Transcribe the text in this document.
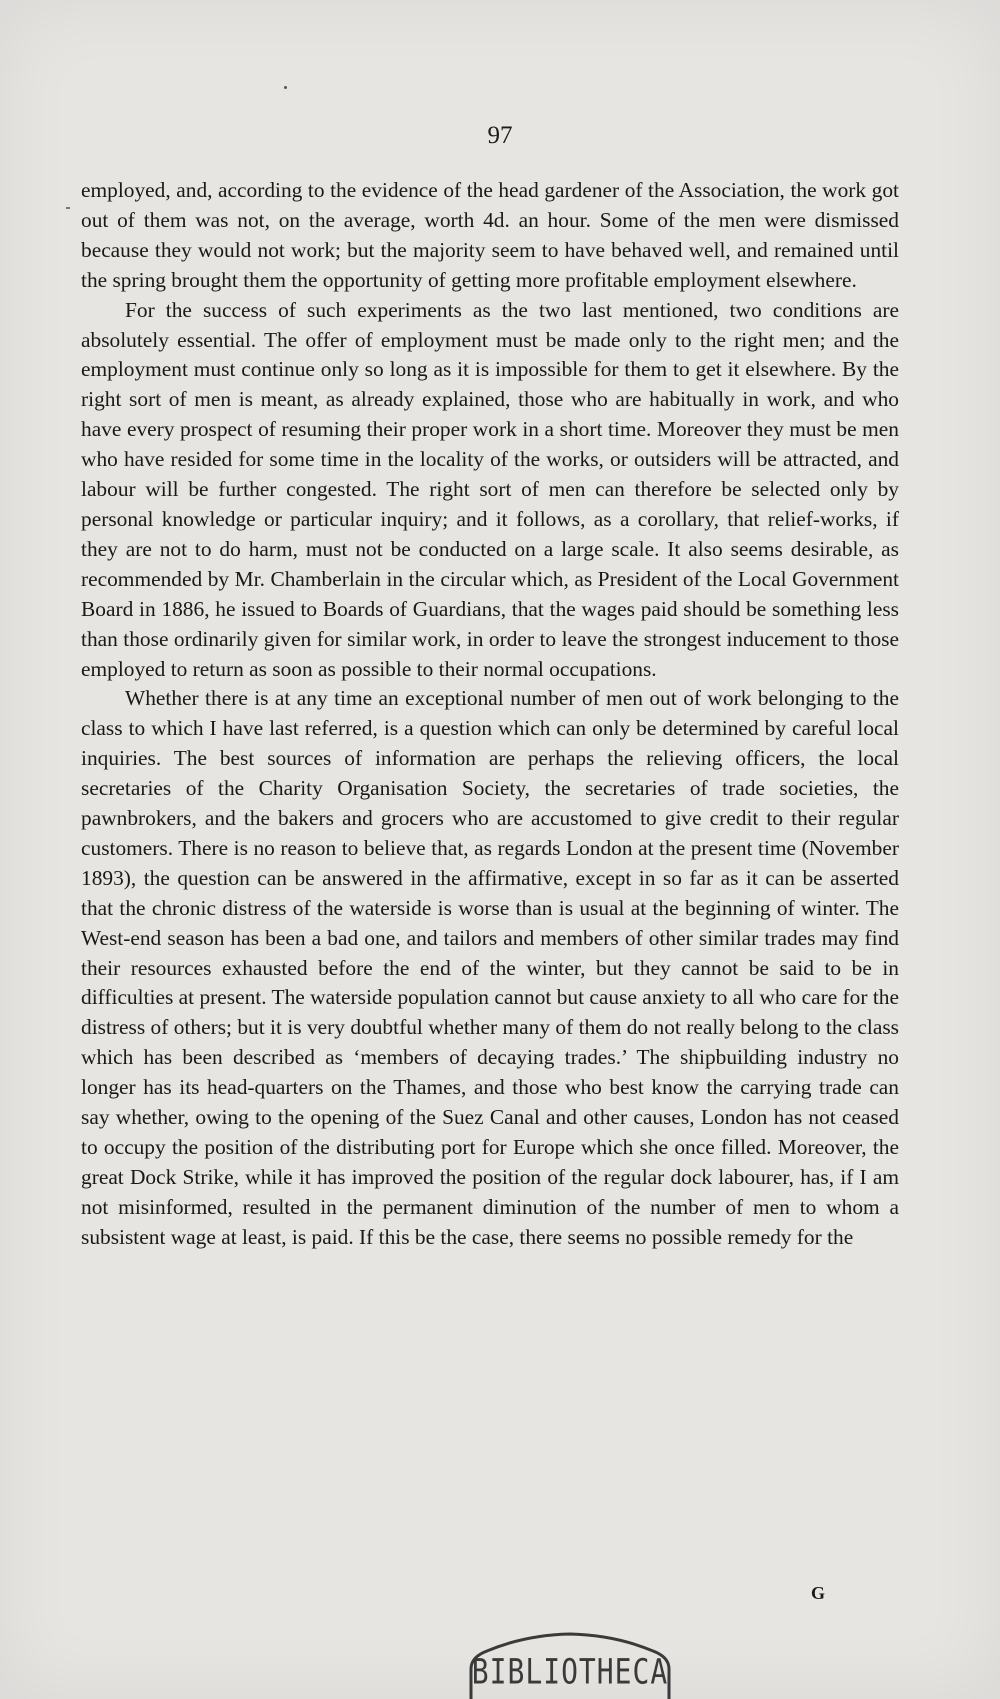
97

employed, and, according to the evidence of the head gardener of the Association, the work got out of them was not, on the average, worth 4d. an hour. Some of the men were dismissed because they would not work; but the majority seem to have behaved well, and remained until the spring brought them the opportunity of getting more profitable employment elsewhere.

For the success of such experiments as the two last mentioned, two conditions are absolutely essential. The offer of employment must be made only to the right men; and the employment must continue only so long as it is impossible for them to get it elsewhere. By the right sort of men is meant, as already explained, those who are habitually in work, and who have every prospect of resuming their proper work in a short time. Moreover they must be men who have resided for some time in the locality of the works, or outsiders will be attracted, and labour will be further congested. The right sort of men can therefore be selected only by personal knowledge or particular inquiry; and it follows, as a corollary, that relief-works, if they are not to do harm, must not be conducted on a large scale. It also seems desirable, as recommended by Mr. Chamberlain in the circular which, as President of the Local Government Board in 1886, he issued to Boards of Guardians, that the wages paid should be something less than those ordinarily given for similar work, in order to leave the strongest inducement to those employed to return as soon as possible to their normal occupations.

Whether there is at any time an exceptional number of men out of work belonging to the class to which I have last referred, is a question which can only be determined by careful local inquiries. The best sources of information are perhaps the relieving officers, the local secretaries of the Charity Organisation Society, the secretaries of trade societies, the pawnbrokers, and the bakers and grocers who are accustomed to give credit to their regular customers. There is no reason to believe that, as regards London at the present time (November 1893), the question can be answered in the affirmative, except in so far as it can be asserted that the chronic distress of the waterside is worse than is usual at the beginning of winter. The West-end season has been a bad one, and tailors and members of other similar trades may find their resources exhausted before the end of the winter, but they cannot be said to be in difficulties at present. The waterside population cannot but cause anxiety to all who care for the distress of others; but it is very doubtful whether many of them do not really belong to the class which has been described as ‘members of decaying trades.’ The shipbuilding industry no longer has its head-quarters on the Thames, and those who best know the carrying trade can say whether, owing to the opening of the Suez Canal and other causes, London has not ceased to occupy the position of the distributing port for Europe which she once filled. Moreover, the great Dock Strike, while it has improved the position of the regular dock labourer, has, if I am not misinformed, resulted in the permanent diminution of the number of men to whom a subsistent wage at least, is paid. If this be the case, there seems no possible remedy for the

G
BIBLIOTHECA
